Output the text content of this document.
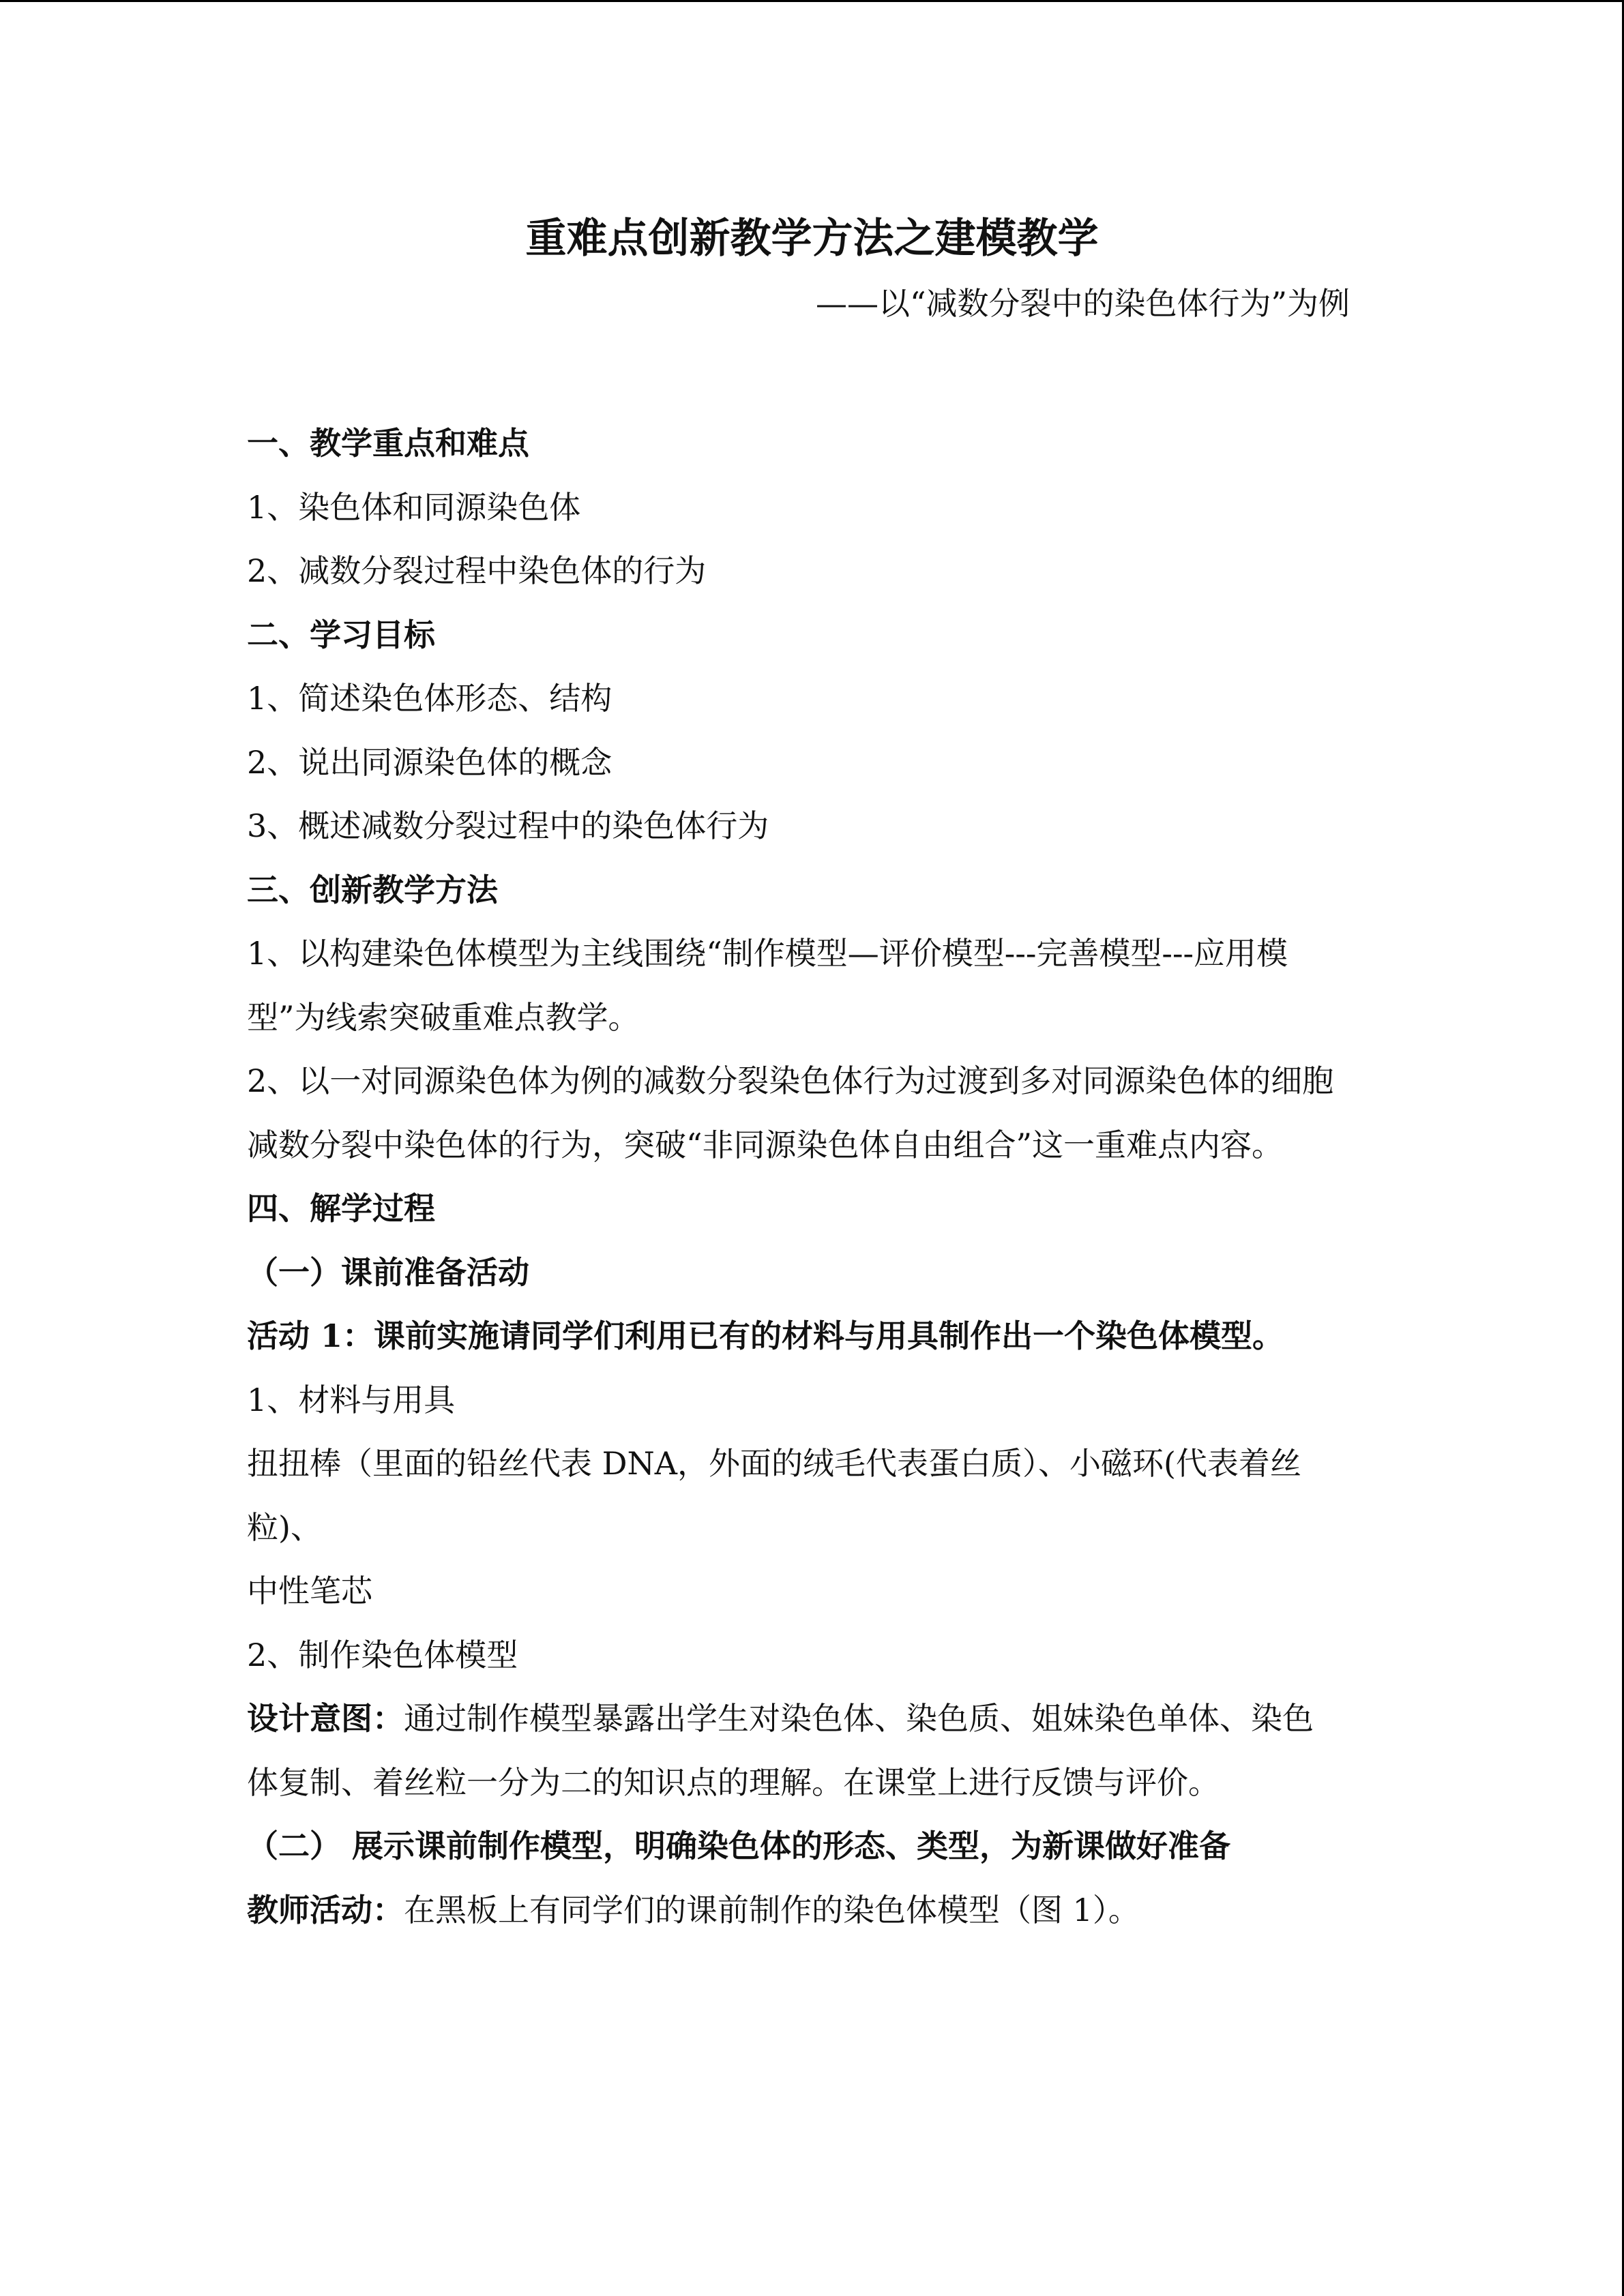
重难点创新教学方法之建模教学
——以“减数分裂中的染色体行为”为例
一、教学重点和难点
1、染色体和同源染色体
2、减数分裂过程中染色体的行为
二、学习目标
1、简述染色体形态、结构
2、说出同源染色体的概念
3、概述减数分裂过程中的染色体行为
三、创新教学方法
1、以构建染色体模型为主线围绕“制作模型—评价模型---完善模型---应用模
型”为线索突破重难点教学。
2、以一对同源染色体为例的减数分裂染色体行为过渡到多对同源染色体的细胞
减数分裂中染色体的行为，突破“非同源染色体自由组合”这一重难点内容。
四、解学过程
（一）课前准备活动
活动 1：课前实施请同学们利用已有的材料与用具制作出一个染色体模型。
1、材料与用具
扭扭棒（里面的铅丝代表 DNA，外面的绒毛代表蛋白质）、小磁环(代表着丝
粒)、
中性笔芯
2、制作染色体模型
设计意图：通过制作模型暴露出学生对染色体、染色质、姐妹染色单体、染色
体复制、着丝粒一分为二的知识点的理解。在课堂上进行反馈与评价。
（二） 展示课前制作模型，明确染色体的形态、类型，为新课做好准备
教师活动：在黑板上有同学们的课前制作的染色体模型（图 1）。
